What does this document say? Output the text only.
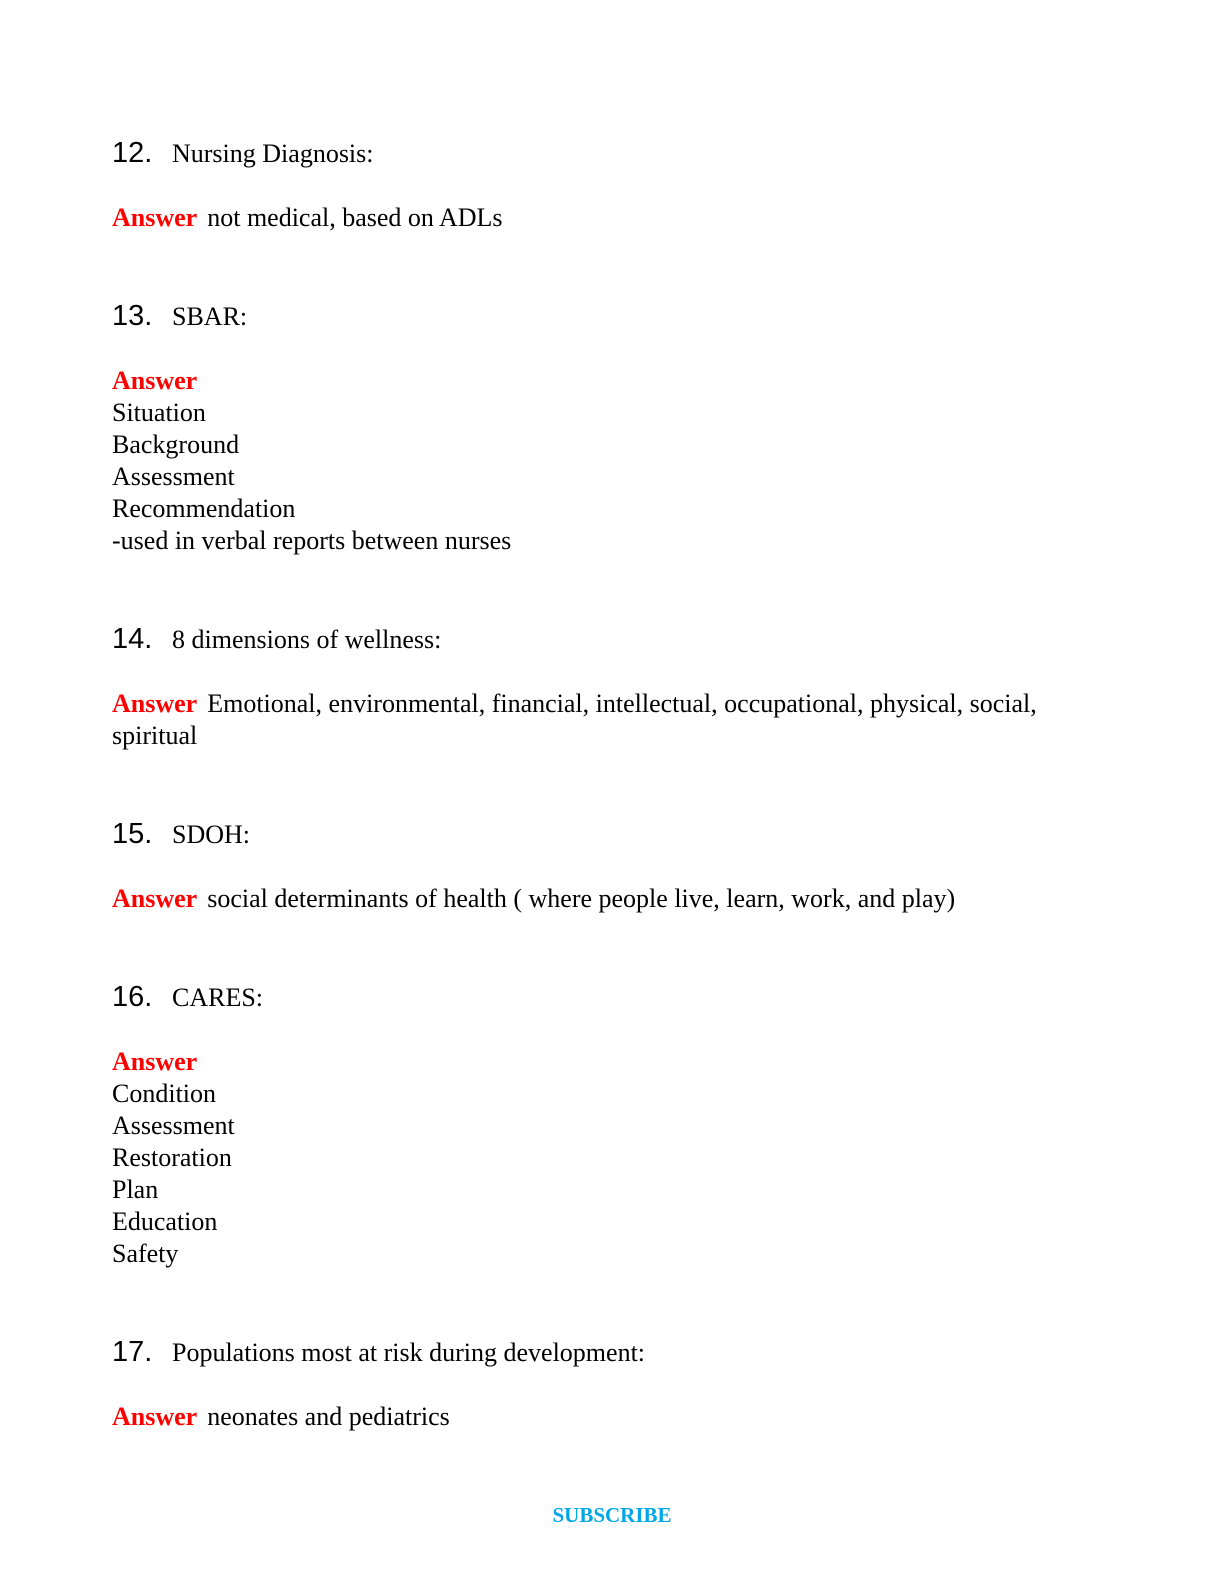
12. Nursing Diagnosis:
Answer not medical, based on ADLs
13. SBAR:
Answer
Situation
Background
Assessment
Recommendation
-used in verbal reports between nurses
14. 8 dimensions of wellness:
Answer Emotional, environmental, financial, intellectual, occupational, physical, social, spiritual
15. SDOH:
Answer social determinants of health ( where people live, learn, work, and play)
16. CARES:
Answer
Condition
Assessment
Restoration
Plan
Education
Safety
17. Populations most at risk during development:
Answer neonates and pediatrics
SUBSCRIBE
